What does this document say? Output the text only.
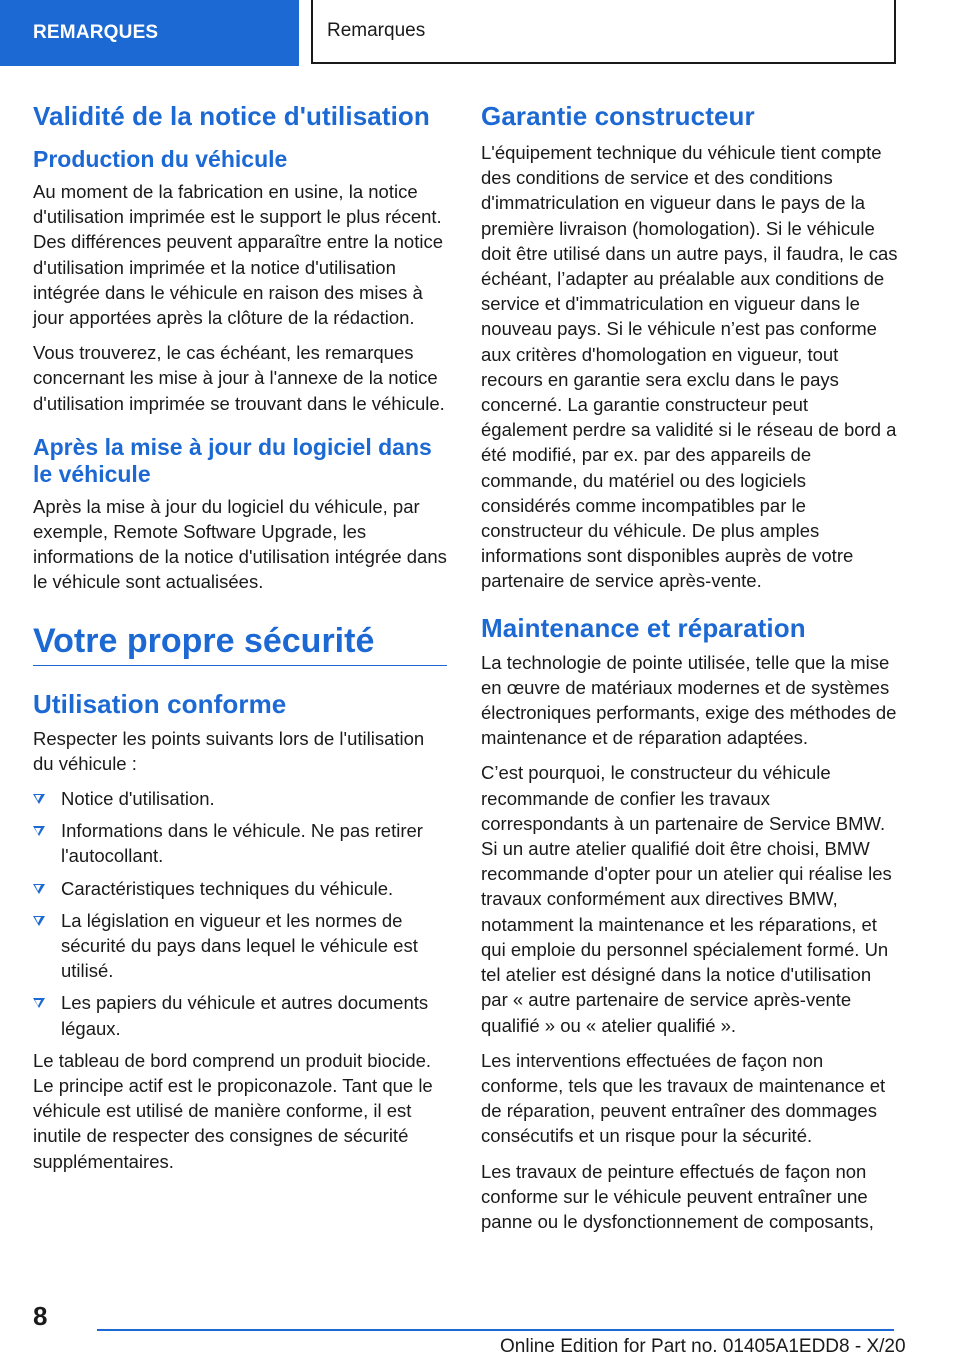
REMARQUES	Remarques
Validité de la notice d'utilisation
Production du véhicule

Au moment de la fabrication en usine, la notice d'utilisation imprimée est le support le plus récent. Des différences peuvent apparaître entre la notice d'utilisation imprimée et la notice d'utilisation intégrée dans le véhicule en raison des mises à jour apportées après la clôture de la rédaction.

Vous trouverez, le cas échéant, les remarques concernant les mise à jour à l'annexe de la notice d'utilisation imprimée se trouvant dans le véhicule.

Après la mise à jour du logiciel dans le véhicule

Après la mise à jour du logiciel du véhicule, par exemple, Remote Software Upgrade, les informations de la notice d'utilisation intégrée dans le véhicule sont actualisées.

Votre propre sécurité
Utilisation conforme

Respecter les points suivants lors de l'utilisation du véhicule :

Notice d'utilisation.
Informations dans le véhicule. Ne pas retirer l'autocollant.
Caractéristiques techniques du véhicule.
La législation en vigueur et les normes de sécurité du pays dans lequel le véhicule est utilisé.
Les papiers du véhicule et autres documents légaux.

Le tableau de bord comprend un produit biocide. Le principe actif est le propiconazole. Tant que le véhicule est utilisé de manière conforme, il est inutile de respecter des consignes de sécurité supplémentaires.

Garantie constructeur

L'équipement technique du véhicule tient compte des conditions de service et des conditions d'immatriculation en vigueur dans le pays de la première livraison (homologation). Si le véhicule doit être utilisé dans un autre pays, il faudra, le cas échéant, l’adapter au préalable aux conditions de service et d'immatriculation en vigueur dans le nouveau pays. Si le véhicule n’est pas conforme aux critères d'homologation en vigueur, tout recours en garantie sera exclu dans le pays concerné. La garantie constructeur peut également perdre sa validité si le réseau de bord a été modifié, par ex. par des appareils de commande, du matériel ou des logiciels considérés comme incompatibles par le constructeur du véhicule. De plus amples informations sont disponibles auprès de votre partenaire de service après-vente.

Maintenance et réparation

La technologie de pointe utilisée, telle que la mise en œuvre de matériaux modernes et de systèmes électroniques performants, exige des méthodes de maintenance et de réparation adaptées.

C’est pourquoi, le constructeur du véhicule recommande de confier les travaux correspondants à un partenaire de Service BMW. Si un autre atelier qualifié doit être choisi, BMW recommande d'opter pour un atelier qui réalise les travaux conformément aux directives BMW, notamment la maintenance et les réparations, et qui emploie du personnel spécialement formé. Un tel atelier est désigné dans la notice d'utilisation par « autre partenaire de service après-vente qualifié » ou « atelier qualifié ».

Les interventions effectuées de façon non conforme, tels que les travaux de maintenance et de réparation, peuvent entraîner des dommages consécutifs et un risque pour la sécurité.

Les travaux de peinture effectués de façon non conforme sur le véhicule peuvent entraîner une panne ou le dysfonctionnement de composants,

8
Online Edition for Part no. 01405A1EDD8 - X/20
